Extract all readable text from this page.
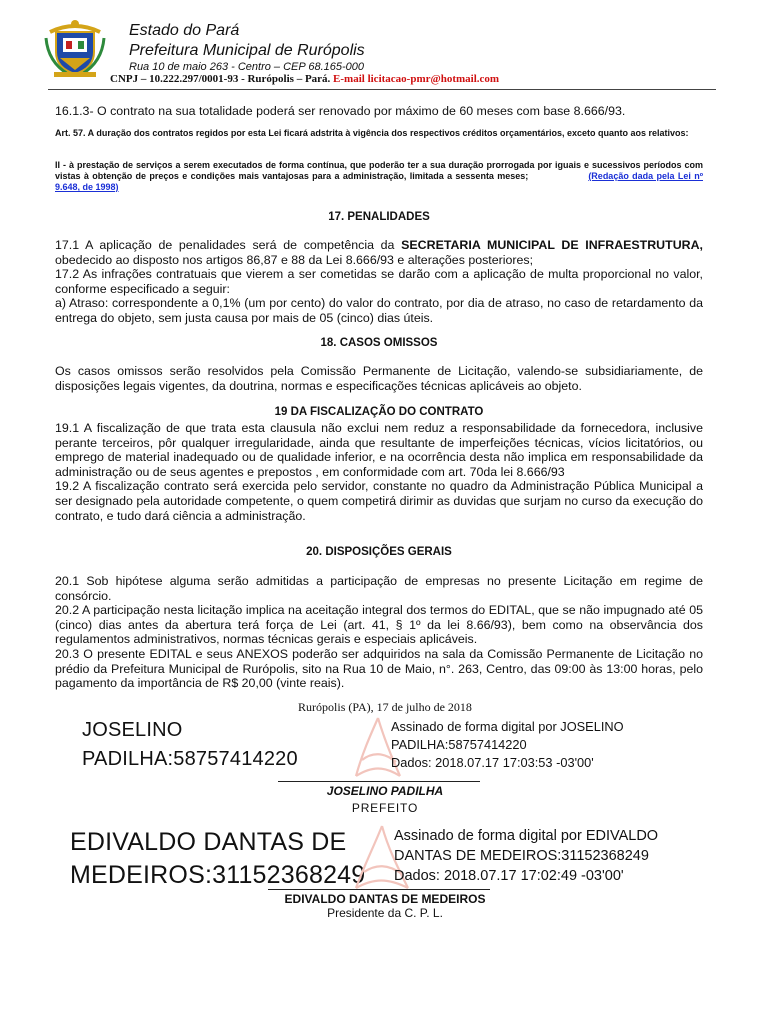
Estado do Pará
Prefeitura Municipal de Rurópolis
Rua 10 de maio 263 - Centro – CEP 68.165-000
CNPJ – 10.222.297/0001-93 - Rurópolis – Pará. E-mail licitacao-pmr@hotmail.com

16.1.3- O contrato na sua totalidade poderá ser renovado por máximo de 60 meses com base 8.666/93.

Art. 57. A duração dos contratos regidos por esta Lei ficará adstrita à vigência dos respectivos créditos orçamentários, exceto quanto aos relativos:

II - à prestação de serviços a serem executados de forma contínua, que poderão ter a sua duração prorrogada por iguais e sucessivos períodos com vistas à obtenção de preços e condições mais vantajosas para a administração, limitada a sessenta meses;	(Redação dada pela Lei nº 9.648, de 1998)

17. PENALIDADES

17.1 A aplicação de penalidades será de competência da SECRETARIA MUNICIPAL DE INFRAESTRUTURA, obedecido ao disposto nos artigos 86,87 e 88 da Lei 8.666/93 e alterações posteriores;

17.2 As infrações contratuais que vierem a ser cometidas se darão com a aplicação de multa proporcional no valor, conforme especificado a seguir:

a) Atraso: correspondente a 0,1% (um por cento) do valor do contrato, por dia de atraso, no caso de retardamento da entrega do objeto, sem justa causa por mais de 05 (cinco) dias úteis.

18. CASOS OMISSOS

Os casos omissos serão resolvidos pela Comissão Permanente de Licitação, valendo-se subsidiariamente, de disposições legais vigentes, da doutrina, normas e especificações técnicas aplicáveis ao objeto.

19 DA FISCALIZAÇÃO DO CONTRATO

19.1 A fiscalização de que trata esta clausula não exclui nem reduz a responsabilidade da fornecedora, inclusive perante terceiros, pôr qualquer irregularidade, ainda que resultante de imperfeições técnicas, vícios licitatórios, ou emprego de material inadequado ou de qualidade inferior, e na ocorrência desta não implica em responsabilidade da administração ou de seus agentes e prepostos , em conformidade com art. 70da lei 8.666/93

19.2 A fiscalização contrato será exercida pelo servidor, constante no quadro da Administração Pública Municipal a ser designado pela autoridade competente, o quem competirá dirimir as duvidas que surjam no curso da execução do contrato, e tudo dará ciência a administração.

20. DISPOSIÇÕES GERAIS

20.1 Sob hipótese alguma serão admitidas a participação de empresas no presente Licitação em regime de consórcio.

20.2 A participação nesta licitação implica na aceitação integral dos termos do EDITAL, que se não impugnado até 05 (cinco) dias antes da abertura terá força de Lei (art. 41, § 1º da lei 8.66/93), bem como na observância dos regulamentos administrativos, normas técnicas gerais e especiais aplicáveis.

20.3 O presente EDITAL e seus ANEXOS poderão ser adquiridos na sala da Comissão Permanente de Licitação no prédio da Prefeitura Municipal de Rurópolis, sito na Rua 10 de Maio, n°. 263, Centro, das 09:00 às 13:00 horas, pelo pagamento da importância de R$ 20,00 (vinte reais).

Rurópolis (PA), 17 de julho de 2018
JOSELINO
PADILHA:58757414220
Assinado de forma digital por JOSELINO
PADILHA:58757414220
Dados: 2018.07.17 17:03:53 -03'00'
JOSELINO PADILHA
PREFEITO
EDIVALDO DANTAS DE
MEDEIROS:31152368249
Assinado de forma digital por EDIVALDO
DANTAS DE MEDEIROS:31152368249
Dados: 2018.07.17 17:02:49 -03'00'
EDIVALDO DANTAS DE MEDEIROS
Presidente da C. P. L.
